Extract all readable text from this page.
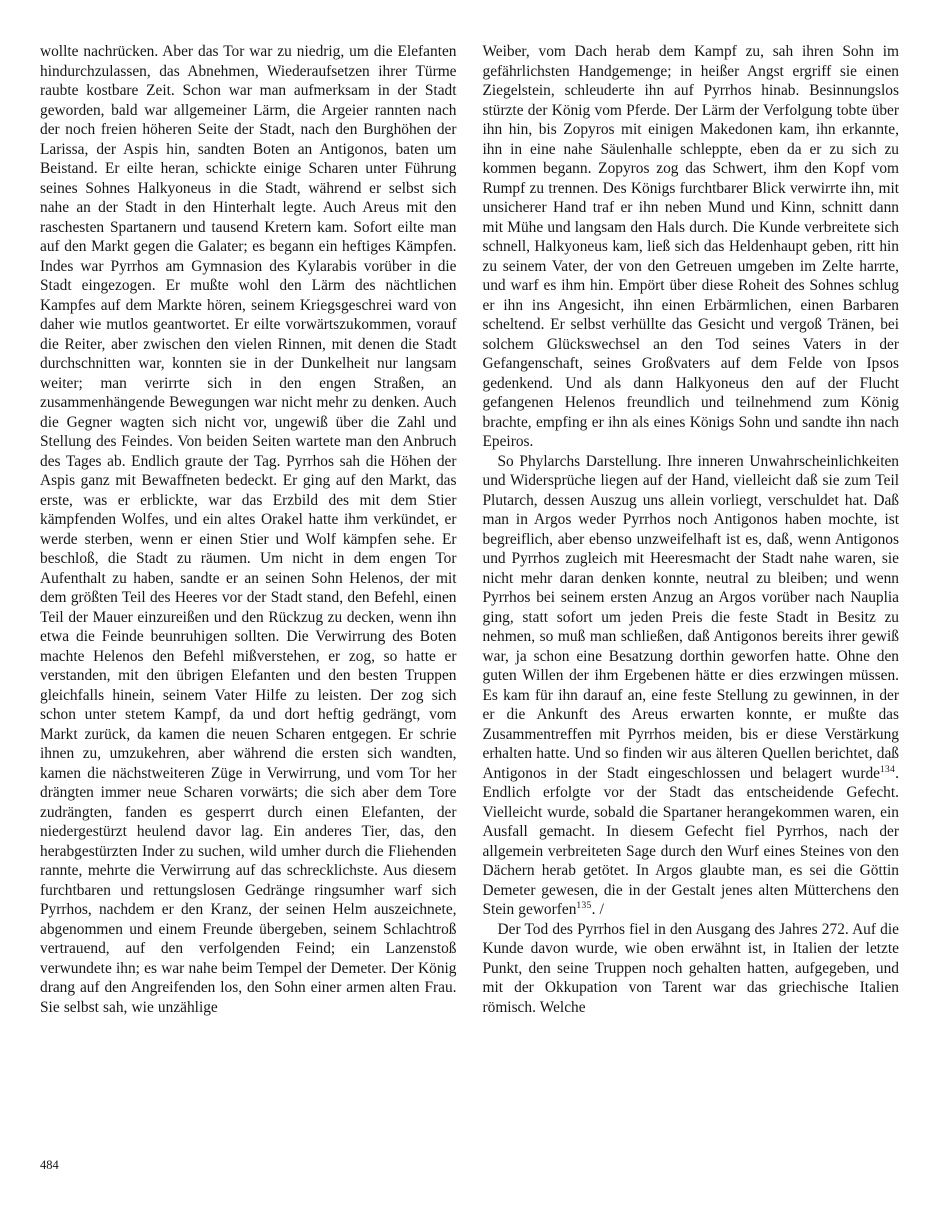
wollte nachrücken. Aber das Tor war zu niedrig, um die Elefanten hindurchzulassen, das Abnehmen, Wiederaufsetzen ihrer Türme raubte kostbare Zeit. Schon war man aufmerksam in der Stadt geworden, bald war allgemeiner Lärm, die Argeier rannten nach der noch freien höheren Seite der Stadt, nach den Burghöhen der Larissa, der Aspis hin, sandten Boten an Antigonos, baten um Beistand. Er eilte heran, schickte einige Scharen unter Führung seines Sohnes Halkyoneus in die Stadt, während er selbst sich nahe an der Stadt in den Hinterhalt legte. Auch Areus mit den raschesten Spartanern und tausend Kretern kam. Sofort eilte man auf den Markt gegen die Galater; es begann ein heftiges Kämpfen. Indes war Pyrrhos am Gymnasion des Kylarabis vorüber in die Stadt eingezogen. Er mußte wohl den Lärm des nächtlichen Kampfes auf dem Markte hören, seinem Kriegsgeschrei ward von daher wie mutlos geantwortet. Er eilte vorwärtszukommen, vorauf die Reiter, aber zwischen den vielen Rinnen, mit denen die Stadt durchschnitten war, konnten sie in der Dunkelheit nur langsam weiter; man verirrte sich in den engen Straßen, an zusammenhängende Bewegungen war nicht mehr zu denken. Auch die Gegner wagten sich nicht vor, ungewiß über die Zahl und Stellung des Feindes. Von beiden Seiten wartete man den Anbruch des Tages ab. Endlich graute der Tag. Pyrrhos sah die Höhen der Aspis ganz mit Bewaffneten bedeckt. Er ging auf den Markt, das erste, was er erblickte, war das Erzbild des mit dem Stier kämpfenden Wolfes, und ein altes Orakel hatte ihm verkündet, er werde sterben, wenn er einen Stier und Wolf kämpfen sehe. Er beschloß, die Stadt zu räumen. Um nicht in dem engen Tor Aufenthalt zu haben, sandte er an seinen Sohn Helenos, der mit dem größten Teil des Heeres vor der Stadt stand, den Befehl, einen Teil der Mauer einzureißen und den Rückzug zu decken, wenn ihn etwa die Feinde beunruhigen sollten. Die Verwirrung des Boten machte Helenos den Befehl mißverstehen, er zog, so hatte er verstanden, mit den übrigen Elefanten und den besten Truppen gleichfalls hinein, seinem Vater Hilfe zu leisten. Der zog sich schon unter stetem Kampf, da und dort heftig gedrängt, vom Markt zurück, da kamen die neuen Scharen entgegen. Er schrie ihnen zu, umzukehren, aber während die ersten sich wandten, kamen die nächstweiteren Züge in Verwirrung, und vom Tor her drängten immer neue Scharen vorwärts; die sich aber dem Tore zudrängten, fanden es gesperrt durch einen Elefanten, der niedergestürzt heulend davor lag. Ein anderes Tier, das, den herabgestürzten Inder zu suchen, wild umher durch die Fliehenden rannte, mehrte die Verwirrung auf das schrecklichste. Aus diesem furchtbaren und rettungslosen Gedränge ringsumher warf sich Pyrrhos, nachdem er den Kranz, der seinen Helm auszeichnete, abgenommen und einem Freunde übergeben, seinem Schlachtroß vertrauend, auf den verfolgenden Feind; ein Lanzenstoß verwundete ihn; es war nahe beim Tempel der Demeter. Der König drang auf den Angreifenden los, den Sohn einer armen alten Frau. Sie selbst sah, wie unzählige

Weiber, vom Dach herab dem Kampf zu, sah ihren Sohn im gefährlichsten Handgemenge; in heißer Angst ergriff sie einen Ziegelstein, schleuderte ihn auf Pyrrhos hinab. Besinnungslos stürzte der König vom Pferde. Der Lärm der Verfolgung tobte über ihn hin, bis Zopyros mit einigen Makedonen kam, ihn erkannte, ihn in eine nahe Säulenhalle schleppte, eben da er zu sich zu kommen begann. Zopyros zog das Schwert, ihm den Kopf vom Rumpf zu trennen. Des Königs furchtbarer Blick verwirrte ihn, mit unsicherer Hand traf er ihn neben Mund und Kinn, schnitt dann mit Mühe und langsam den Hals durch. Die Kunde verbreitete sich schnell, Halkyoneus kam, ließ sich das Heldenhaupt geben, ritt hin zu seinem Vater, der von den Getreuen umgeben im Zelte harrte, und warf es ihm hin. Empört über diese Roheit des Sohnes schlug er ihn ins Angesicht, ihn einen Erbärmlichen, einen Barbaren scheltend. Er selbst verhüllte das Gesicht und vergoß Tränen, bei solchem Glückswechsel an den Tod seines Vaters in der Gefangenschaft, seines Großvaters auf dem Felde von Ipsos gedenkend. Und als dann Halkyoneus den auf der Flucht gefangenen Helenos freundlich und teilnehmend zum König brachte, empfing er ihn als eines Königs Sohn und sandte ihn nach Epeiros.

So Phylarchs Darstellung. Ihre inneren Unwahrscheinlichkeiten und Widersprüche liegen auf der Hand, vielleicht daß sie zum Teil Plutarch, dessen Auszug uns allein vorliegt, verschuldet hat. Daß man in Argos weder Pyrrhos noch Antigonos haben mochte, ist begreiflich, aber ebenso unzweifelhaft ist es, daß, wenn Antigonos und Pyrrhos zugleich mit Heeresmacht der Stadt nahe waren, sie nicht mehr daran denken konnte, neutral zu bleiben; und wenn Pyrrhos bei seinem ersten Anzug an Argos vorüber nach Nauplia ging, statt sofort um jeden Preis die feste Stadt in Besitz zu nehmen, so muß man schließen, daß Antigonos bereits ihrer gewiß war, ja schon eine Besatzung dorthin geworfen hatte. Ohne den guten Willen der ihm Ergebenen hätte er dies erzwingen müssen. Es kam für ihn darauf an, eine feste Stellung zu gewinnen, in der er die Ankunft des Areus erwarten konnte, er mußte das Zusammentreffen mit Pyrrhos meiden, bis er diese Verstärkung erhalten hatte. Und so finden wir aus älteren Quellen berichtet, daß Antigonos in der Stadt eingeschlossen und belagert wurde$^{134}$. Endlich erfolgte vor der Stadt das entscheidende Gefecht. Vielleicht wurde, sobald die Spartaner herangekommen waren, ein Ausfall gemacht. In diesem Gefecht fiel Pyrrhos, nach der allgemein verbreiteten Sage durch den Wurf eines Steines von den Dächern herab getötet. In Argos glaubte man, es sei die Göttin Demeter gewesen, die in der Gestalt jenes alten Mütterchens den Stein geworfen$^{135}$. /

Der Tod des Pyrrhos fiel in den Ausgang des Jahres 272. Auf die Kunde davon wurde, wie oben erwähnt ist, in Italien der letzte Punkt, den seine Truppen noch gehalten hatten, aufgegeben, und mit der Okkupation von Tarent war das griechische Italien römisch. Welche

484
